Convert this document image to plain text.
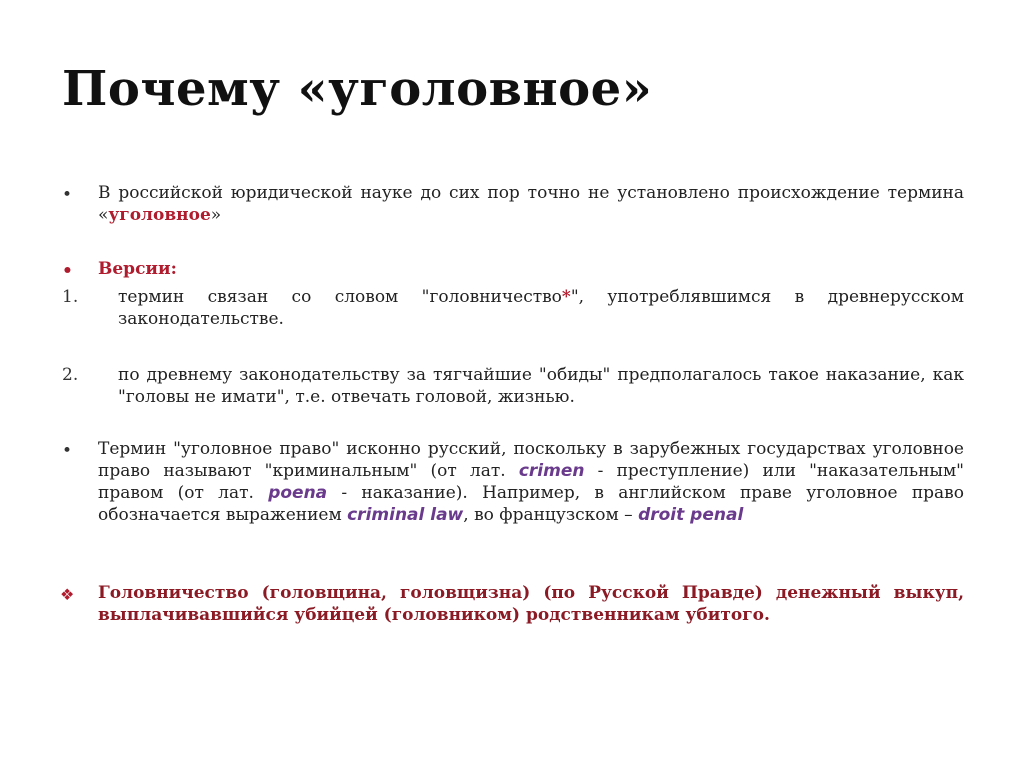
Почему «уголовное»
• В российской юридической науке до сих пор точно не установлено происхождение термина «уголовное»
• Версии:
1. термин связан со словом "головничество*", употреблявшимся в древнерусском законодательстве.
2. по древнему законодательству за тягчайшие "обиды" предполагалось такое наказание, как "головы не имати", т.е. отвечать головой, жизнью.
• Термин "уголовное право" исконно русский, поскольку в зарубежных государствах уголовное право называют "криминальным" (от лат. crimen - преступление) или "наказательным" правом (от лат. poena - наказание). Например, в английском праве уголовное право обозначается выражением criminal law, во французском – droit penal
❖ Головничество (головщина, головщизна) (по Русской Правде) денежный выкуп, выплачивавшийся убийцей (головником) родственникам убитого.
